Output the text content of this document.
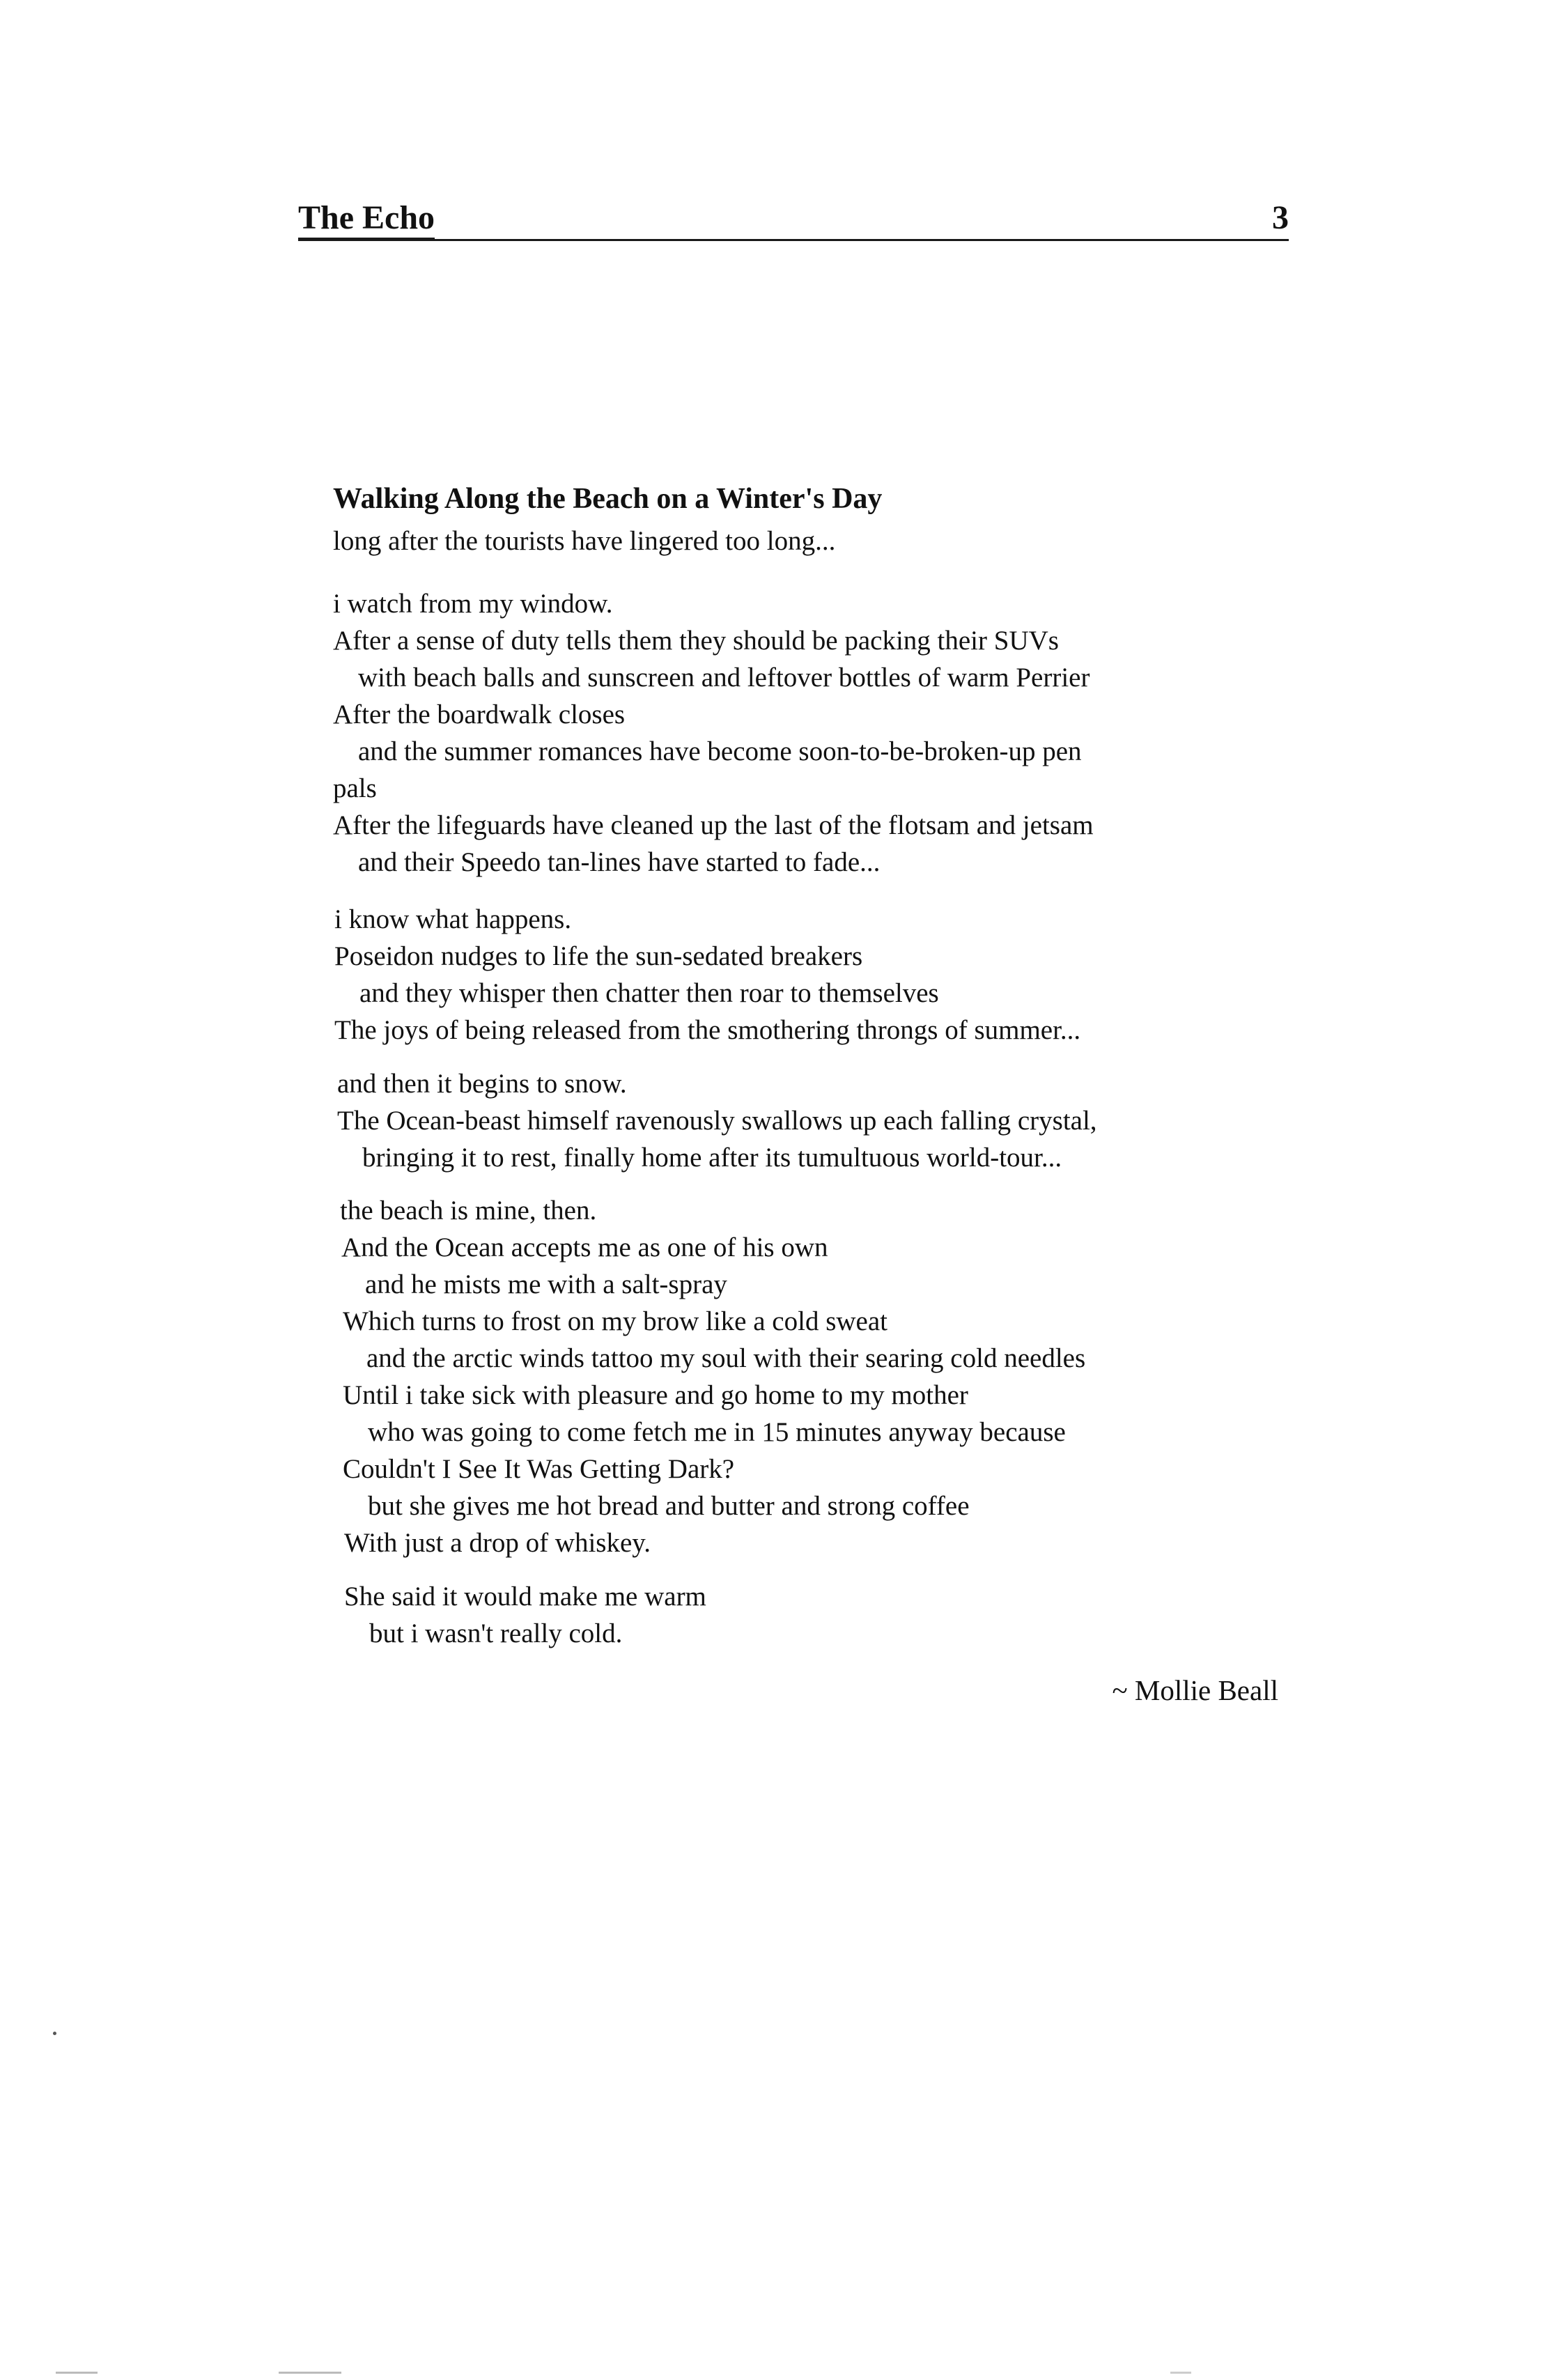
The Echo	3
Walking Along the Beach on a Winter's Day
long after the tourists have lingered too long...
i watch from my window.
After a sense of duty tells them they should be packing their SUVs
with beach balls and sunscreen and leftover bottles of warm Perrier
After the boardwalk closes
and the summer romances have become soon-to-be-broken-up pen
pals
After the lifeguards have cleaned up the last of the flotsam and jetsam
and their Speedo tan-lines have started to fade...
i know what happens.
Poseidon nudges to life the sun-sedated breakers
and they whisper then chatter then roar to themselves
The joys of being released from the smothering throngs of summer...
and then it begins to snow.
The Ocean-beast himself ravenously swallows up each falling crystal,
bringing it to rest, finally home after its tumultuous world-tour...
the beach is mine, then.
And the Ocean accepts me as one of his own
and he mists me with a salt-spray
Which turns to frost on my brow like a cold sweat
and the arctic winds tattoo my soul with their searing cold needles
Until i take sick with pleasure and go home to my mother
who was going to come fetch me in 15 minutes anyway because
Couldn't I See It Was Getting Dark?
but she gives me hot bread and butter and strong coffee
With just a drop of whiskey.
She said it would make me warm
but i wasn't really cold.
~ Mollie Beall
